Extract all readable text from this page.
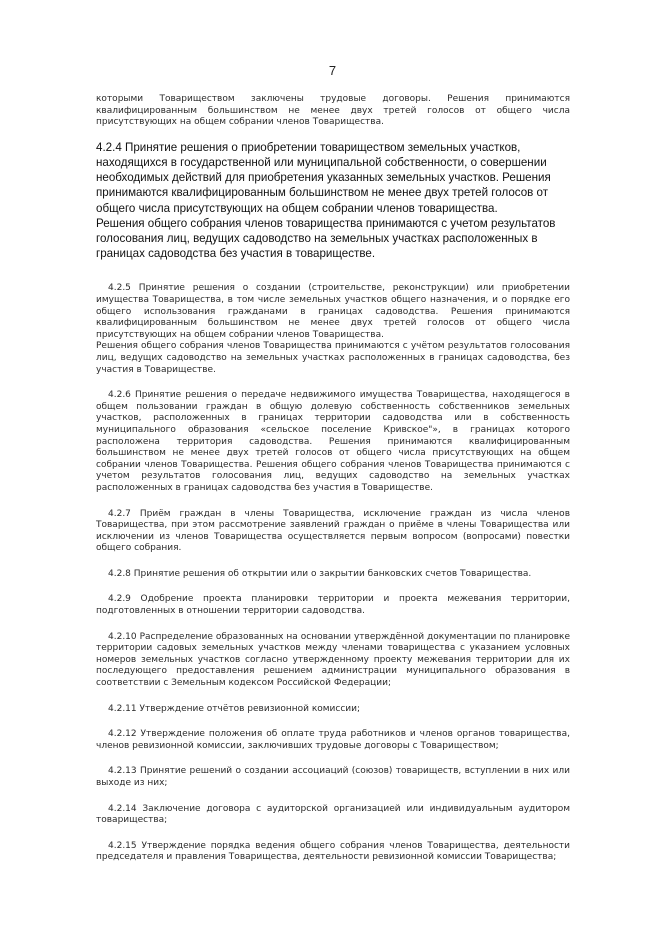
7

которыми Товариществом заключены трудовые договоры. Решения принимаются квалифицированным большинством не менее двух третей голосов от общего числа присутствующих на общем собрании членов Товарищества.

4.2.4 Принятие решения о приобретении товариществом земельных участков, находящихся в государственной или муниципальной собственности, о совершении необходимых действий для приобретения указанных земельных участков. Решения принимаются квалифицированным большинством не менее двух третей голосов от общего числа присутствующих на общем собрании членов товарищества.

Решения общего собрания членов товарищества принимаются с учетом результатов голосования лиц, ведущих садоводство на земельных участках расположенных в границах садоводства без участия в товариществе.

4.2.5 Принятие решения о создании (строительстве, реконструкции) или приобретении имущества Товарищества, в том числе земельных участков общего назначения, и о порядке его общего использования гражданами в границах садоводства. Решения принимаются квалифицированным большинством не менее двух третей голосов от общего числа присутствующих на общем собрании членов Товарищества.

Решения общего собрания членов Товарищества принимаются с учётом результатов голосования лиц, ведущих садоводство на земельных участках расположенных в границах садоводства, без участия в Товариществе.

4.2.6 Принятие решения о передаче недвижимого имущества Товарищества, находящегося в общем пользовании граждан в общую долевую собственность собственников земельных участков, расположенных в границах территории садоводства или в собственность муниципального образования «сельское поселение Кривское"», в границах которого расположена территория садоводства. Решения принимаются квалифицированным большинством не менее двух третей голосов от общего числа присутствующих на общем собрании членов Товарищества. Решения общего собрания членов Товарищества принимаются с учетом результатов голосования лиц, ведущих садоводство на земельных участках расположенных в границах садоводства без участия в Товариществе.

4.2.7 Приём граждан в члены Товарищества, исключение граждан из числа членов Товарищества, при этом рассмотрение заявлений граждан о приёме в члены Товарищества или исключении из членов Товарищества осуществляется первым вопросом (вопросами) повестки общего собрания.

4.2.8 Принятие решения об открытии или о закрытии банковских счетов Товарищества.

4.2.9 Одобрение проекта планировки территории и проекта межевания территории, подготовленных в отношении территории садоводства.

4.2.10 Распределение образованных на основании утверждённой документации по планировке территории садовых земельных участков между членами товарищества с указанием условных номеров земельных участков согласно утвержденному проекту межевания территории для их последующего предоставления решением администрации муниципального образования в соответствии с Земельным кодексом Российской Федерации;

4.2.11 Утверждение отчётов ревизионной комиссии;

4.2.12 Утверждение положения об оплате труда работников и членов органов товарищества, членов ревизионной комиссии, заключивших трудовые договоры с Товариществом;

4.2.13 Принятие решений о создании ассоциаций (союзов) товариществ, вступлении в них или выходе из них;

4.2.14 Заключение договора с аудиторской организацией или индивидуальным аудитором товарищества;

4.2.15 Утверждение порядка ведения общего собрания членов Товарищества, деятельности председателя и правления Товарищества, деятельности ревизионной комиссии Товарищества;
